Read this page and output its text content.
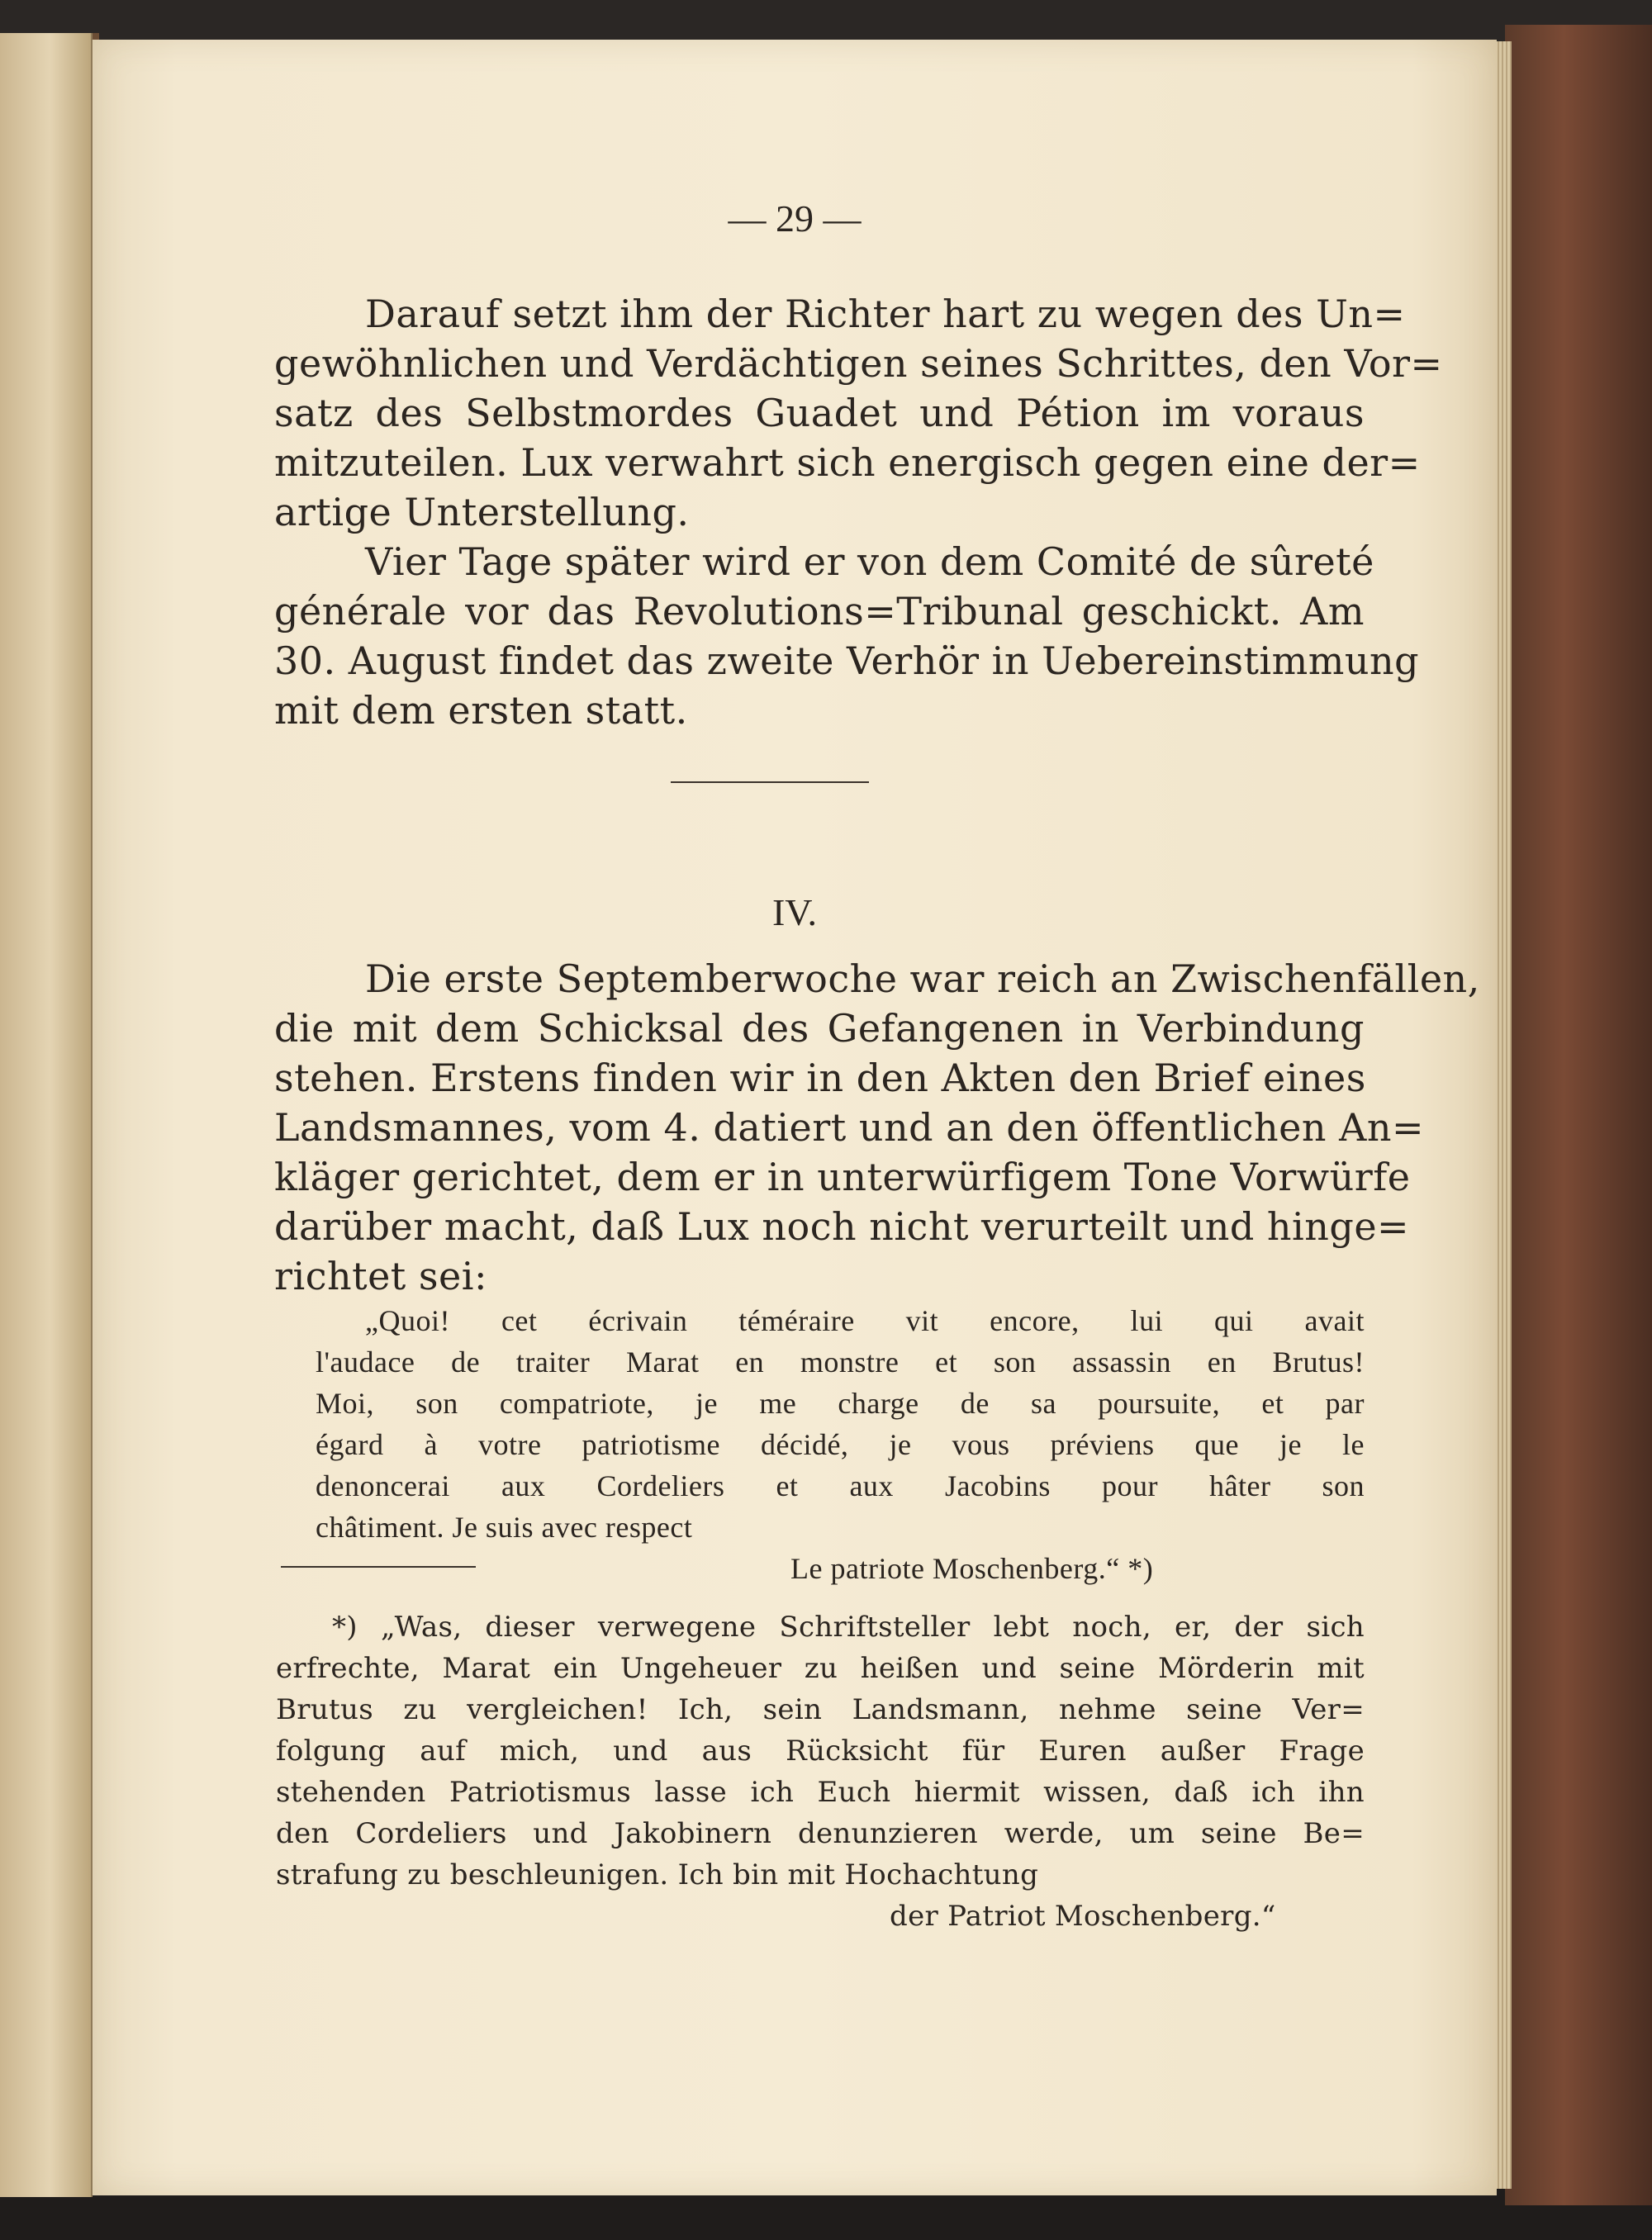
— 29 —
Darauf setzt ihm der Richter hart zu wegen des Un=
gewöhnlichen und Verdächtigen seines Schrittes, den Vor=
satz des Selbstmordes Guadet und Pétion im voraus
mitzuteilen. Lux verwahrt sich energisch gegen eine der=
artige Unterstellung.
Vier Tage später wird er von dem Comité de sûreté
générale vor das Revolutions=Tribunal geschickt. Am
30. August findet das zweite Verhör in Uebereinstimmung
mit dem ersten statt.
IV.
Die erste Septemberwoche war reich an Zwischenfällen,
die mit dem Schicksal des Gefangenen in Verbindung
stehen. Erstens finden wir in den Akten den Brief eines
Landsmannes, vom 4. datiert und an den öffentlichen An=
kläger gerichtet, dem er in unterwürfigem Tone Vorwürfe
darüber macht, daß Lux noch nicht verurteilt und hinge=
richtet sei:
„Quoi! cet écrivain téméraire vit encore, lui qui avait
l'audace de traiter Marat en monstre et son assassin en Brutus!
Moi, son compatriote, je me charge de sa poursuite, et par
égard à votre patriotisme décidé, je vous préviens que je le
denoncerai aux Cordeliers et aux Jacobins pour hâter son
châtiment. Je suis avec respect
Le patriote Moschenberg.“ *)
*) „Was, dieser verwegene Schriftsteller lebt noch, er, der sich
erfrechte, Marat ein Ungeheuer zu heißen und seine Mörderin mit
Brutus zu vergleichen! Ich, sein Landsmann, nehme seine Ver=
folgung auf mich, und aus Rücksicht für Euren außer Frage
stehenden Patriotismus lasse ich Euch hiermit wissen, daß ich ihn
den Cordeliers und Jakobinern denunzieren werde, um seine Be=
strafung zu beschleunigen. Ich bin mit Hochachtung
der Patriot Moschenberg.“
